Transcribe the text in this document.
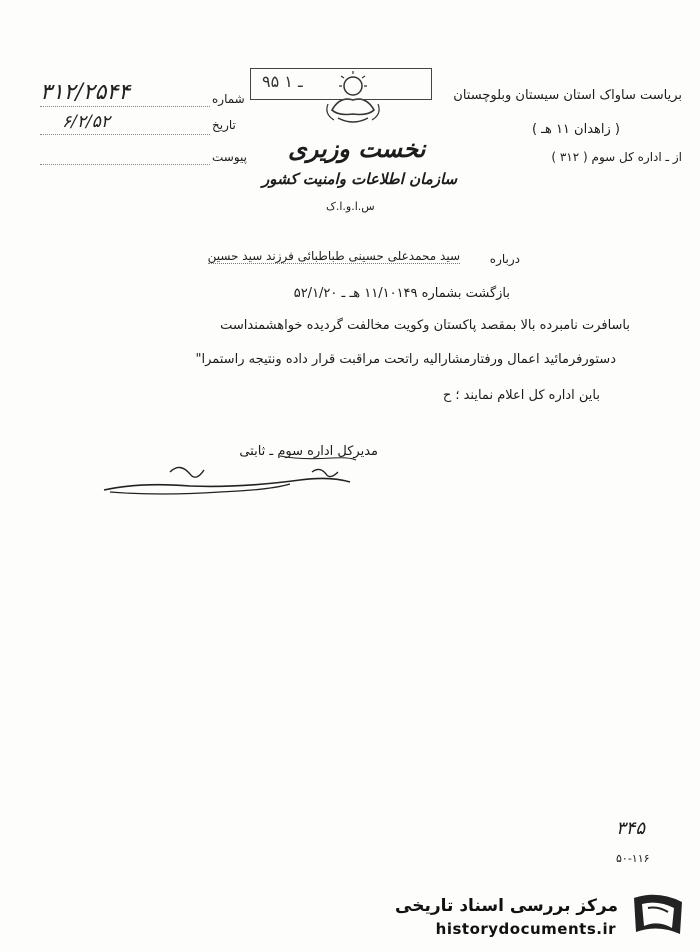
بریاست ساواک استان سیستان وبلوچستان
( زاهدان ۱۱ هـ )
از ـ اداره کل سوم ( ۳۱۲ )
نخست وزیری
سازمان اطلاعات وامنیت کشور
س.ا.و.ا.ک
۹۵ ۱ ـ
شماره
۳۱۲/۲۵۴۴
تاریخ
۶/۲/۵۲
پیوست
درباره
سید محمدعلی حسینی طباطبائی فرزند سید حسین
بازگشت بشماره ۱۱/۱۰۱۴۹ هـ ـ ۵۲/۱/۲۰
باسافرت نامبرده بالا بمقصد پاکستان وکویت مخالفت گردیده خواهشمنداست
دستورفرمائید اعمال ورفتارمشارالیه راتحت مراقبت قرار داده ونتیجه راستمرا"
باین اداره کل اعلام نمایند ؛ ح
مدیرکل اداره سوم ـ ثابتی
۳۴۵
۵۰-۱۱۶
مرکز بررسی اسناد تاریخی
historydocuments.ir
